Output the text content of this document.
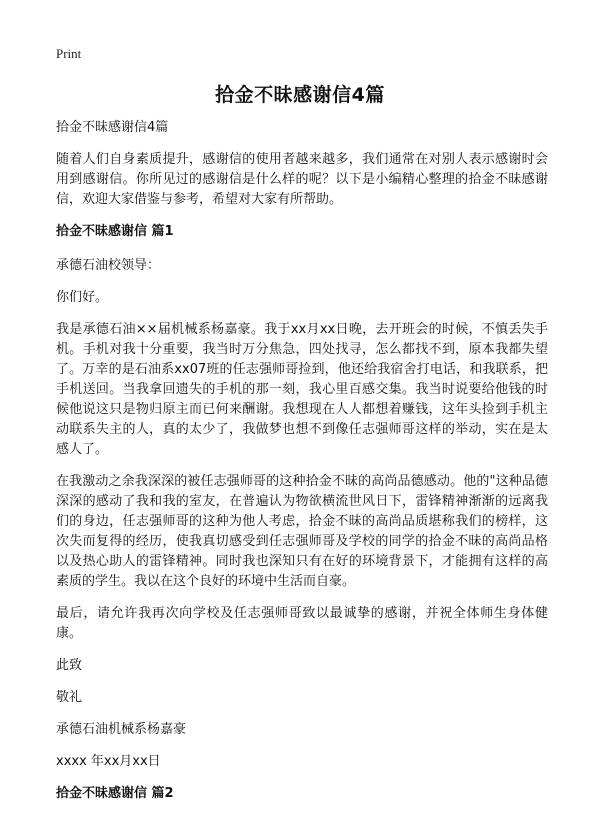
Print
拾金不昧感谢信4篇

拾金不昧感谢信4篇

随着人们自身素质提升，感谢信的使用者越来越多，我们通常在对别人表示感谢时会用到感谢信。你所见过的感谢信是什么样的呢？以下是小编精心整理的拾金不昧感谢信，欢迎大家借鉴与参考，希望对大家有所帮助。

拾金不昧感谢信 篇1

承德石油校领导：

你们好。

我是承德石油××届机械系杨嘉豪。我于xx月xx日晚，去开班会的时候，不慎丢失手机。手机对我十分重要，我当时万分焦急，四处找寻，怎么都找不到，原本我都失望了。万幸的是石油系xx07班的任志强师哥捡到，他还给我宿舍打电话，和我联系，把手机送回。当我拿回遗失的手机的那一刻，我心里百感交集。我当时说要给他钱的时候他说这只是物归原主而已何来酬谢。我想现在人人都想着赚钱，这年头捡到手机主动联系失主的人，真的太少了，我做梦也想不到像任志强师哥这样的举动，实在是太感人了。

在我激动之余我深深的被任志强师哥的这种拾金不昧的高尚品德感动。他的"这种品德深深的感动了我和我的室友，在普遍认为物欲横流世风日下，雷锋精神渐渐的远离我们的身边，任志强师哥的这种为他人考虑，拾金不昧的高尚品质堪称我们的榜样，这次失而复得的经历，使我真切感受到任志强师哥及学校的同学的拾金不昧的高尚品格以及热心助人的雷锋精神。同时我也深知只有在好的环境背景下，才能拥有这样的高素质的学生。我以在这个良好的环境中生活而自豪。

最后，请允许我再次向学校及任志强师哥致以最诚挚的感谢，并祝全体师生身体健康。

此致

敬礼

承德石油机械系杨嘉豪

xxxx 年xx月xx日

拾金不昧感谢信 篇2
